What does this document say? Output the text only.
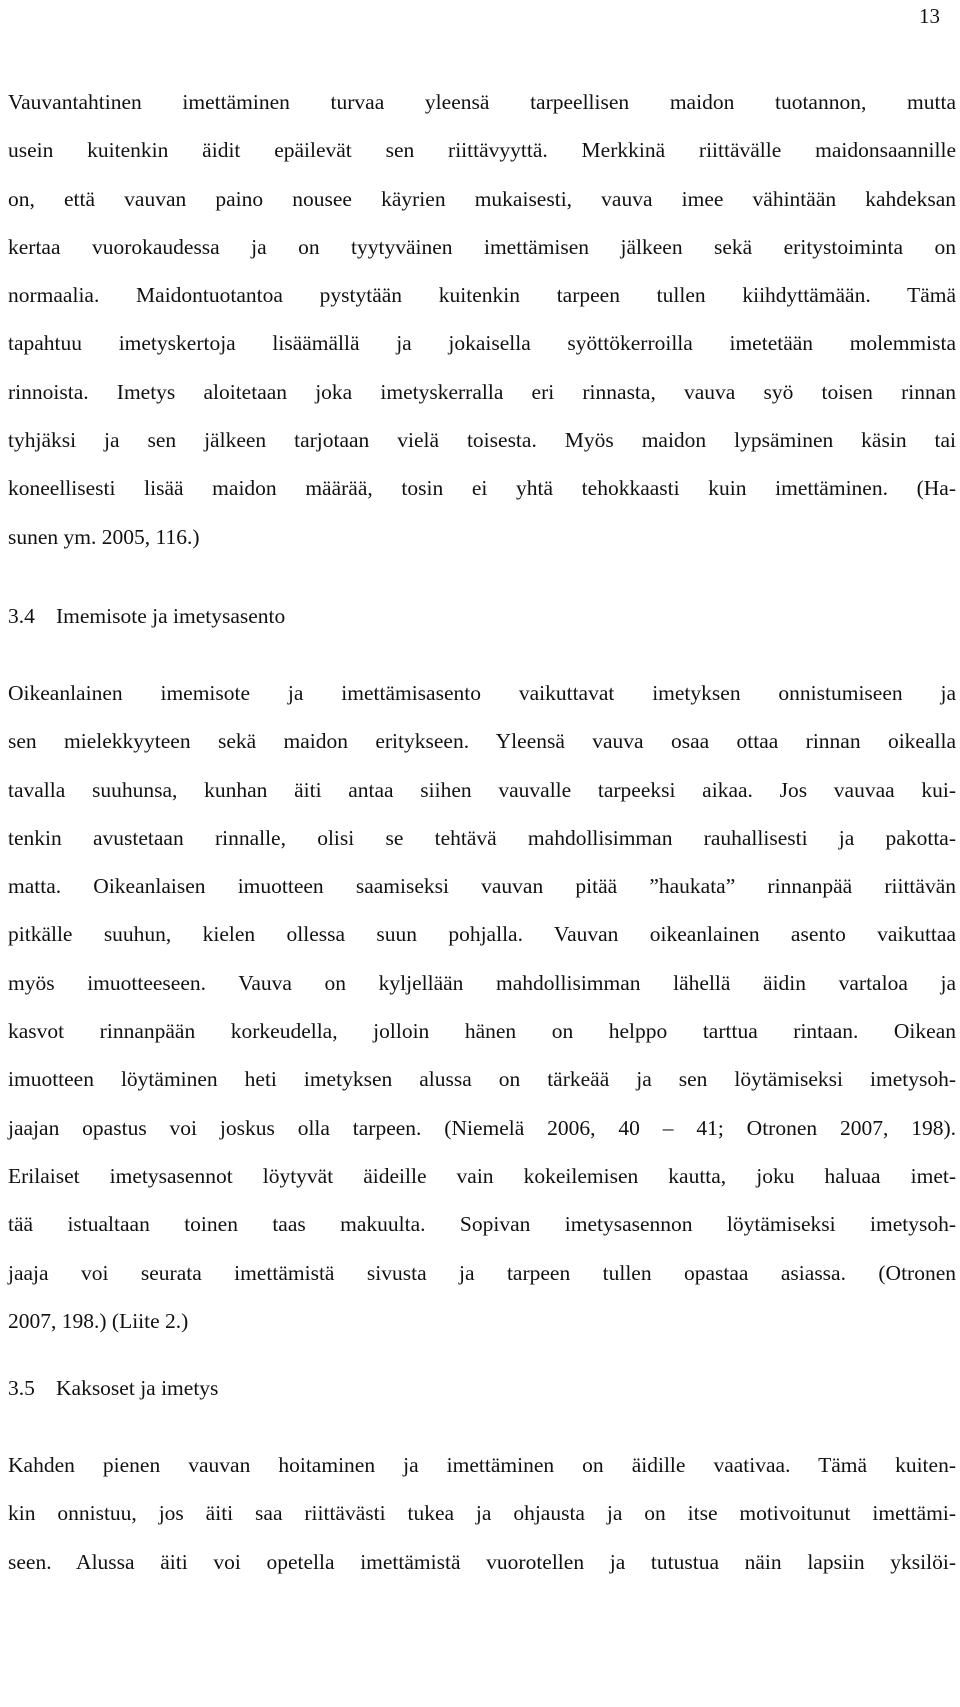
13
Vauvantahtinen imettäminen turvaa yleensä tarpeellisen maidon tuotannon, mutta
usein kuitenkin äidit epäilevät sen riittävyyttä. Merkkinä riittävälle maidonsaannille
on, että vauvan paino nousee käyrien mukaisesti, vauva imee vähintään kahdeksan
kertaa vuorokaudessa ja on tyytyväinen imettämisen jälkeen sekä eritystoiminta on
normaalia. Maidontuotantoa pystytään kuitenkin tarpeen tullen kiihdyttämään. Tämä
tapahtuu imetyskertoja lisäämällä ja jokaisella syöttökerroilla imetetään molemmista
rinnoista. Imetys aloitetaan joka imetyskerralla eri rinnasta, vauva syö toisen rinnan
tyhjäksi ja sen jälkeen tarjotaan vielä toisesta. Myös maidon lypsäminen käsin tai
koneellisesti lisää maidon määrää, tosin ei yhtä tehokkaasti kuin imettäminen. (Ha-
sunen ym. 2005, 116.)
3.4 Imemisote ja imetysasento
Oikeanlainen imemisote ja imettämisasento vaikuttavat imetyksen onnistumiseen ja
sen mielekkyyteen sekä maidon eritykseen. Yleensä vauva osaa ottaa rinnan oikealla
tavalla suuhunsa, kunhan äiti antaa siihen vauvalle tarpeeksi aikaa. Jos vauvaa kui-
tenkin avustetaan rinnalle, olisi se tehtävä mahdollisimman rauhallisesti ja pakotta-
matta. Oikeanlaisen imuotteen saamiseksi vauvan pitää ”haukata” rinnanpää riittävän
pitkälle suuhun, kielen ollessa suun pohjalla. Vauvan oikeanlainen asento vaikuttaa
myös imuotteeseen. Vauva on kyljellään mahdollisimman lähellä äidin vartaloa ja
kasvot rinnanpään korkeudella, jolloin hänen on helppo tarttua rintaan. Oikean
imuotteen löytäminen heti imetyksen alussa on tärkeää ja sen löytämiseksi imetysoh-
jaajan opastus voi joskus olla tarpeen. (Niemelä 2006, 40 – 41; Otronen 2007, 198).
Erilaiset imetysasennot löytyvät äideille vain kokeilemisen kautta, joku haluaa imet-
tää istualtaan toinen taas makuulta. Sopivan imetysasennon löytämiseksi imetysoh-
jaaja voi seurata imettämistä sivusta ja tarpeen tullen opastaa asiassa. (Otronen
2007, 198.) (Liite 2.)
3.5 Kaksoset ja imetys
Kahden pienen vauvan hoitaminen ja imettäminen on äidille vaativaa. Tämä kuiten-
kin onnistuu, jos äiti saa riittävästi tukea ja ohjausta ja on itse motivoitunut imettämi-
seen. Alussa äiti voi opetella imettämistä vuorotellen ja tutustua näin lapsiin yksilöi-
